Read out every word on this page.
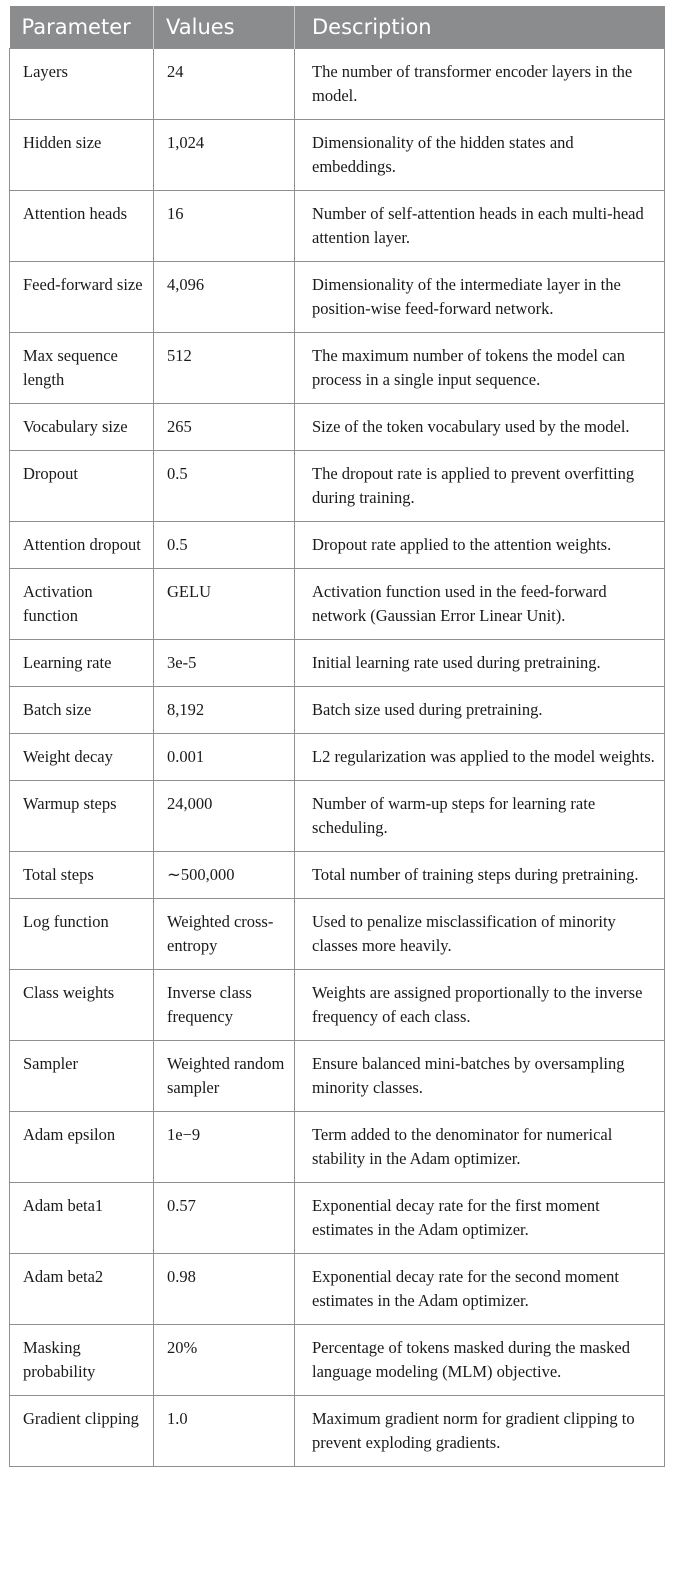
Parameter	Values	Description
Layers	24	The number of transformer encoder layers in the model.
Hidden size	1,024	Dimensionality of the hidden states and embeddings.
Attention heads	16	Number of self-attention heads in each multi-head attention layer.
Feed-forward size	4,096	Dimensionality of the intermediate layer in the position-wise feed-forward network.
Max sequence length	512	The maximum number of tokens the model can process in a single input sequence.
Vocabulary size	265	Size of the token vocabulary used by the model.
Dropout	0.5	The dropout rate is applied to prevent overfitting during training.
Attention dropout	0.5	Dropout rate applied to the attention weights.
Activation function	GELU	Activation function used in the feed-forward network (Gaussian Error Linear Unit).
Learning rate	3e-5	Initial learning rate used during pretraining.
Batch size	8,192	Batch size used during pretraining.
Weight decay	0.001	L2 regularization was applied to the model weights.
Warmup steps	24,000	Number of warm-up steps for learning rate scheduling.
Total steps	∼500,000	Total number of training steps during pretraining.
Log function	Weighted cross-entropy	Used to penalize misclassification of minority classes more heavily.
Class weights	Inverse class frequency	Weights are assigned proportionally to the inverse frequency of each class.
Sampler	Weighted random sampler	Ensure balanced mini-batches by oversampling minority classes.
Adam epsilon	1e−9	Term added to the denominator for numerical stability in the Adam optimizer.
Adam beta1	0.57	Exponential decay rate for the first moment estimates in the Adam optimizer.
Adam beta2	0.98	Exponential decay rate for the second moment estimates in the Adam optimizer.
Masking probability	20%	Percentage of tokens masked during the masked language modeling (MLM) objective.
Gradient clipping	1.0	Maximum gradient norm for gradient clipping to prevent exploding gradients.
